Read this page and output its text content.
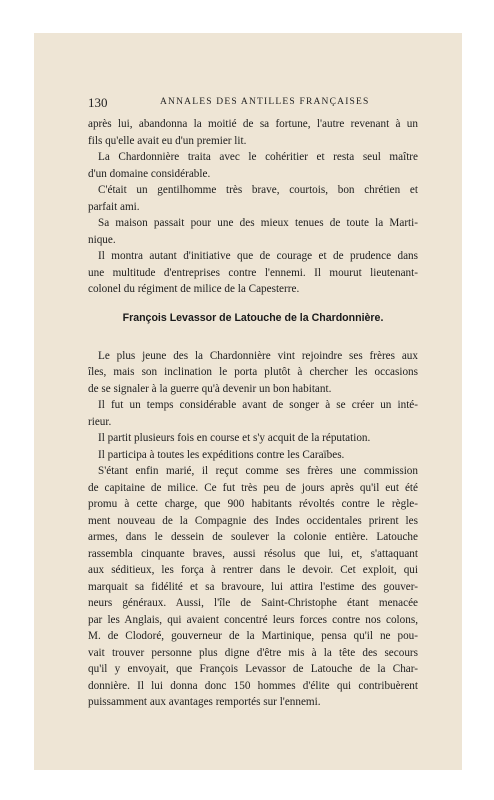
130	ANNALES DES ANTILLES FRANÇAISES
après lui, abandonna la moitié de sa fortune, l'autre revenant à un
fils qu'elle avait eu d'un premier lit.
La Chardonnière traita avec le cohéritier et resta seul maître
d'un domaine considérable.
C'était un gentilhomme très brave, courtois, bon chrétien et
parfait ami.
Sa maison passait pour une des mieux tenues de toute la Marti-
nique.
Il montra autant d'initiative que de courage et de prudence dans
une multitude d'entreprises contre l'ennemi. Il mourut lieutenant-
colonel du régiment de milice de la Capesterre.
François Levassor de Latouche de la Chardonnière.
Le plus jeune des la Chardonnière vint rejoindre ses frères aux
îles, mais son inclination le porta plutôt à chercher les occasions
de se signaler à la guerre qu'à devenir un bon habitant.
Il fut un temps considérable avant de songer à se créer un inté-
rieur.
Il partit plusieurs fois en course et s'y acquit de la réputation.
Il participa à toutes les expéditions contre les Caraïbes.
S'étant enfin marié, il reçut comme ses frères une commission
de capitaine de milice. Ce fut très peu de jours après qu'il eut été
promu à cette charge, que 900 habitants révoltés contre le règle-
ment nouveau de la Compagnie des Indes occidentales prirent les
armes, dans le dessein de soulever la colonie entière. Latouche
rassembla cinquante braves, aussi résolus que lui, et, s'attaquant
aux séditieux, les força à rentrer dans le devoir. Cet exploit, qui
marquait sa fidélité et sa bravoure, lui attira l'estime des gouver-
neurs généraux. Aussi, l'île de Saint-Christophe étant menacée
par les Anglais, qui avaient concentré leurs forces contre nos colons,
M. de Clodoré, gouverneur de la Martinique, pensa qu'il ne pou-
vait trouver personne plus digne d'être mis à la tête des secours
qu'il y envoyait, que François Levassor de Latouche de la Char-
donnière. Il lui donna donc 150 hommes d'élite qui contribuèrent
puissamment aux avantages remportés sur l'ennemi.
